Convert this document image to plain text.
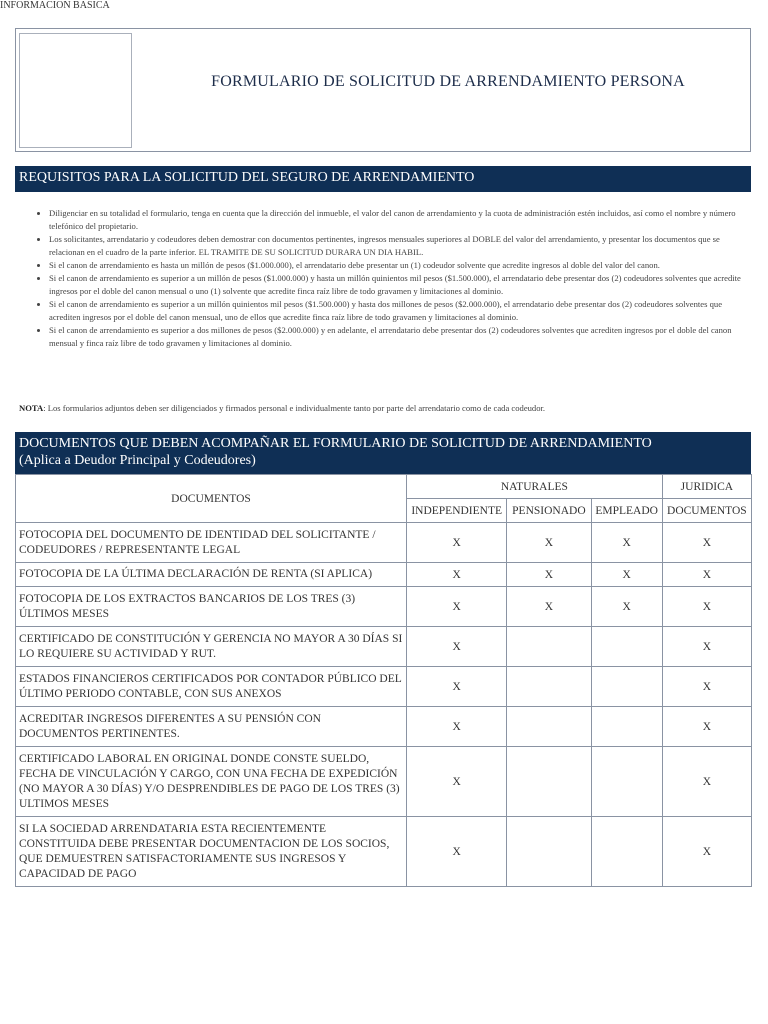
INFORMACION BASICA
FORMULARIO DE SOLICITUD DE ARRENDAMIENTO PERSONA
REQUISITOS PARA LA SOLICITUD DEL SEGURO DE ARRENDAMIENTO
• Diligenciar en su totalidad el formulario, tenga en cuenta que la dirección del inmueble, el valor del canon de arrendamiento y la cuota de administración estén incluidos, así como el nombre y número telefónico del propietario.
• Los solicitantes, arrendatario y codeudores deben demostrar con documentos pertinentes, ingresos mensuales superiores al DOBLE del valor del arrendamiento, y presentar los documentos que se relacionan en el cuadro de la parte inferior. EL TRAMITE DE SU SOLICITUD DURARA UN DIA HABIL.
• Si el canon de arrendamiento es hasta un millón de pesos ($1.000.000), el arrendatario debe presentar un (1) codeudor solvente que acredite ingresos al doble del valor del canon.
• Si el canon de arrendamiento es superior a un millón de pesos ($1.000.000) y hasta un millón quinientos mil pesos ($1.500.000), el arrendatario debe presentar dos (2) codeudores solventes que acredite ingresos por el doble del canon mensual o uno (1) solvente que acredite finca raíz libre de todo gravamen y limitaciones al dominio.
• Si el canon de arrendamiento es superior a un millón quinientos mil pesos ($1.500.000) y hasta dos millones de pesos ($2.000.000), el arrendatario debe presentar dos (2) codeudores solventes que acrediten ingresos por el doble del canon mensual, uno de ellos que acredite finca raíz libre de todo gravamen y limitaciones al dominio.
• Si el canon de arrendamiento es superior a dos millones de pesos ($2.000.000) y en adelante, el arrendatario debe presentar dos (2) codeudores solventes que acrediten ingresos por el doble del canon mensual y finca raíz libre de todo gravamen y limitaciones al dominio.
NOTA: Los formularios adjuntos deben ser diligenciados y firmados personal e individualmente tanto por parte del arrendatario como de cada codeudor.
DOCUMENTOS QUE DEBEN ACOMPAÑAR EL FORMULARIO DE SOLICITUD DE ARRENDAMIENTO
(Aplica a Deudor Principal y Codeudores)
DOCUMENTOS	NATURALES			JURIDICA
	INDEPENDIENTE	PENSIONADO	EMPLEADO	DOCUMENTOS
FOTOCOPIA DEL DOCUMENTO DE IDENTIDAD DEL SOLICITANTE / CODEUDORES / REPRESENTANTE LEGAL	X	X	X	X
FOTOCOPIA DE LA ÚLTIMA DECLARACIÓN DE RENTA (SI APLICA)	X	X	X	X
FOTOCOPIA DE LOS EXTRACTOS BANCARIOS DE LOS TRES (3) ÚLTIMOS MESES	X	X	X	X
CERTIFICADO DE CONSTITUCIÓN Y GERENCIA NO MAYOR A 30 DÍAS SI LO REQUIERE SU ACTIVIDAD Y RUT.	X			X
ESTADOS FINANCIEROS CERTIFICADOS POR CONTADOR PÚBLICO DEL ÚLTIMO PERIODO CONTABLE, CON SUS ANEXOS	X			X
ACREDITAR INGRESOS DIFERENTES A SU PENSIÓN CON DOCUMENTOS PERTINENTES.	X			X
CERTIFICADO LABORAL EN ORIGINAL DONDE CONSTE SUELDO, FECHA DE VINCULACIÓN Y CARGO, CON UNA FECHA DE EXPEDICIÓN (NO MAYOR A 30 DÍAS) Y/O DESPRENDIBLES DE PAGO DE LOS TRES (3) ULTIMOS MESES	X			X
SI LA SOCIEDAD ARRENDATARIA ESTA RECIENTEMENTE CONSTITUIDA DEBE PRESENTAR DOCUMENTACION DE LOS SOCIOS, QUE DEMUESTREN SATISFACTORIAMENTE SUS INGRESOS Y CAPACIDAD DE PAGO	X			X
